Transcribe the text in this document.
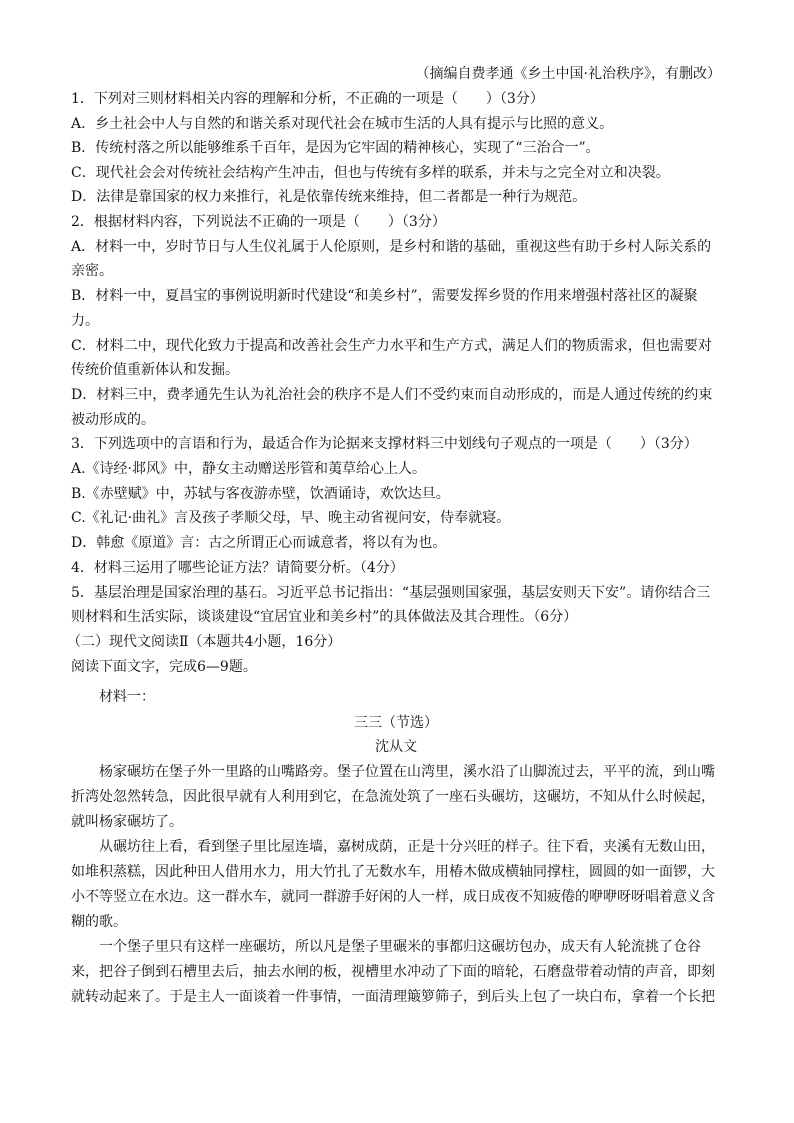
（摘编自费孝通《乡土中国·礼治秩序》，有删改）
1．下列对三则材料相关内容的理解和分析，不正确的一项是（　　）（3分）
A．乡土社会中人与自然的和谐关系对现代社会在城市生活的人具有提示与比照的意义。
B．传统村落之所以能够维系千百年，是因为它牢固的精神核心，实现了“三治合一”。
C．现代社会会对传统社会结构产生冲击，但也与传统有多样的联系，并未与之完全对立和决裂。
D．法律是靠国家的权力来推行，礼是依靠传统来维持，但二者都是一种行为规范。
2．根据材料内容，下列说法不正确的一项是（　　）（3分）
A．材料一中，岁时节日与人生仪礼属于人伦原则，是乡村和谐的基础，重视这些有助于乡村人际关系的
亲密。
B．材料一中，夏昌宝的事例说明新时代建设“和美乡村”，需要发挥乡贤的作用来增强村落社区的凝聚
力。
C．材料二中，现代化致力于提高和改善社会生产力水平和生产方式，满足人们的物质需求，但也需要对
传统价值重新体认和发掘。
D．材料三中，费孝通先生认为礼治社会的秩序不是人们不受约束而自动形成的，而是人通过传统的约束
被动形成的。
3．下列选项中的言语和行为，最适合作为论据来支撑材料三中划线句子观点的一项是（　　）（3分）
A.《诗经·邶风》中，静女主动赠送彤管和荑草给心上人。
B.《赤壁赋》中，苏轼与客夜游赤壁，饮酒诵诗，欢饮达旦。
C.《礼记·曲礼》言及孩子孝顺父母，早、晚主动省视问安，侍奉就寝。
D．韩愈《原道》言：古之所谓正心而诚意者，将以有为也。
4．材料三运用了哪些论证方法？请简要分析。（4分）
5．基层治理是国家治理的基石。习近平总书记指出：“基层强则国家强，基层安则天下安”。请你结合三
则材料和生活实际，谈谈建设“宜居宜业和美乡村”的具体做法及其合理性。（6分）
（二）现代文阅读Ⅱ（本题共4小题，16分）
阅读下面文字，完成6—9题。
材料一：
三三（节选）
沈从文
杨家碾坊在堡子外一里路的山嘴路旁。堡子位置在山湾里，溪水沿了山脚流过去，平平的流，到山嘴
折湾处忽然转急，因此很早就有人利用到它，在急流处筑了一座石头碾坊，这碾坊，不知从什么时候起，
就叫杨家碾坊了。
从碾坊往上看，看到堡子里比屋连墙，嘉树成荫，正是十分兴旺的样子。往下看，夹溪有无数山田，
如堆积蒸糕，因此种田人借用水力，用大竹扎了无数水车，用椿木做成横轴同撑柱，圆圆的如一面锣，大
小不等竖立在水边。这一群水车，就同一群游手好闲的人一样，成日成夜不知疲倦的咿咿呀呀唱着意义含
糊的歌。
一个堡子里只有这样一座碾坊，所以凡是堡子里碾米的事都归这碾坊包办，成天有人轮流挑了仓谷
来，把谷子倒到石槽里去后，抽去水闸的板，视槽里水冲动了下面的暗轮，石磨盘带着动情的声音，即刻
就转动起来了。于是主人一面谈着一件事情，一面清理簸箩筛子，到后头上包了一块白布，拿着一个长把
